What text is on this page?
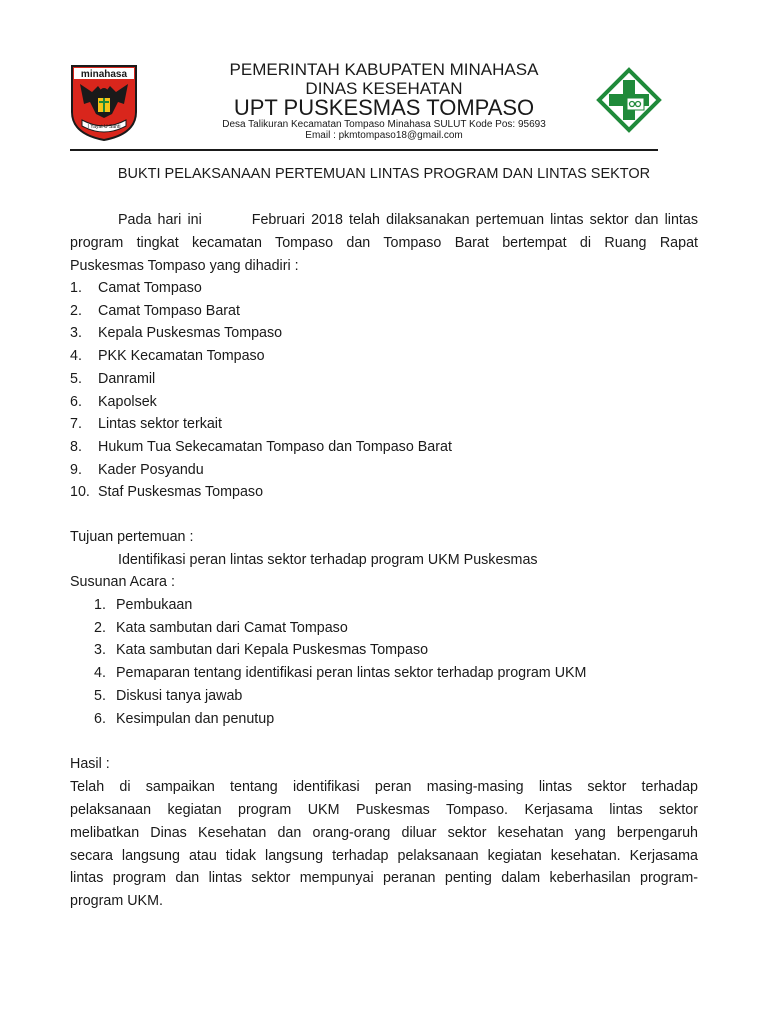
minahasa
I Yayat U Santi
PEMERINTAH KABUPATEN MINAHASA
DINAS KESEHATAN
UPT PUSKESMAS TOMPASO
Desa Talikuran Kecamatan Tompaso Minahasa SULUT Kode Pos: 95693
Email : pkmtompaso18@gmail.com
BUKTI PELAKSANAAN PERTEMUAN LINTAS PROGRAM DAN LINTAS SEKTOR
Pada hari ini	Februari 2018 telah dilaksanakan pertemuan lintas sektor dan lintas
program tingkat kecamatan Tompaso dan Tompaso Barat bertempat di Ruang Rapat
Puskesmas Tompaso yang dihadiri :
1. Camat Tompaso
2. Camat Tompaso Barat
3. Kepala Puskesmas Tompaso
4. PKK Kecamatan Tompaso
5. Danramil
6. Kapolsek
7. Lintas sektor terkait
8. Hukum Tua Sekecamatan Tompaso dan Tompaso Barat
9. Kader Posyandu
10. Staf Puskesmas Tompaso
Tujuan pertemuan :
Identifikasi peran lintas sektor terhadap program UKM Puskesmas
Susunan Acara :
1. Pembukaan
2. Kata sambutan dari Camat Tompaso
3. Kata sambutan dari Kepala Puskesmas Tompaso
4. Pemaparan tentang identifikasi peran lintas sektor terhadap program UKM
5. Diskusi tanya jawab
6. Kesimpulan dan penutup
Hasil :
Telah di sampaikan tentang identifikasi peran masing-masing lintas sektor terhadap
pelaksanaan kegiatan program UKM Puskesmas Tompaso. Kerjasama lintas sektor
melibatkan Dinas Kesehatan dan orang-orang diluar sektor kesehatan yang berpengaruh
secara langsung atau tidak langsung terhadap pelaksanaan kegiatan kesehatan. Kerjasama
lintas program dan lintas sektor mempunyai peranan penting dalam keberhasilan program-
program UKM.
